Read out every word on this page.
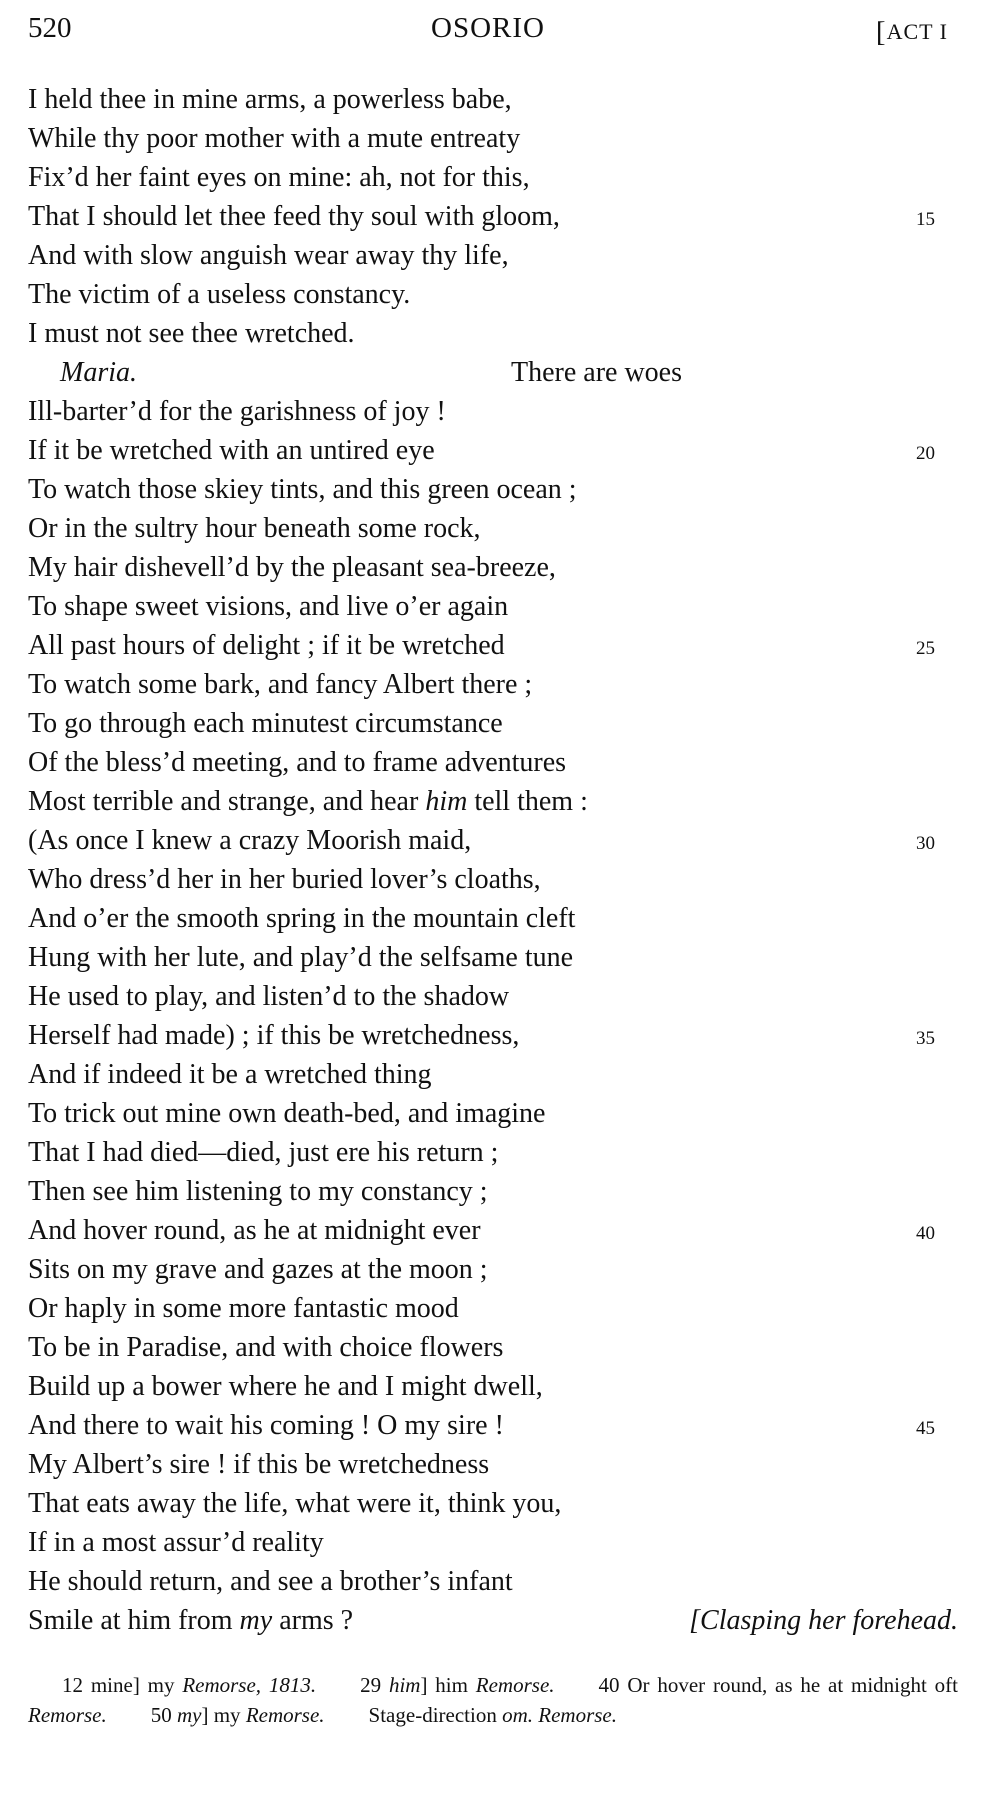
520	OSORIO	[ACT I
I held thee in mine arms, a powerless babe,
While thy poor mother with a mute entreaty
Fix’d her faint eyes on mine: ah, not for this,
That I should let thee feed thy soul with gloom,	15
And with slow anguish wear away thy life,
The victim of a useless constancy.
I must not see thee wretched.
Maria.	There are woes
Ill-barter’d for the garishness of joy !
If it be wretched with an untired eye	20
To watch those skiey tints, and this green ocean ;
Or in the sultry hour beneath some rock,
My hair dishevell’d by the pleasant sea-breeze,
To shape sweet visions, and live o’er again
All past hours of delight ; if it be wretched	25
To watch some bark, and fancy Albert there ;
To go through each minutest circumstance
Of the bless’d meeting, and to frame adventures
Most terrible and strange, and hear him tell them :
(As once I knew a crazy Moorish maid,	30
Who dress’d her in her buried lover’s cloaths,
And o’er the smooth spring in the mountain cleft
Hung with her lute, and play’d the selfsame tune
He used to play, and listen’d to the shadow
Herself had made) ; if this be wretchedness,	35
And if indeed it be a wretched thing
To trick out mine own death-bed, and imagine
That I had died—died, just ere his return ;
Then see him listening to my constancy ;
And hover round, as he at midnight ever	40
Sits on my grave and gazes at the moon ;
Or haply in some more fantastic mood
To be in Paradise, and with choice flowers
Build up a bower where he and I might dwell,
And there to wait his coming ! O my sire !	45
My Albert’s sire ! if this be wretchedness
That eats away the life, what were it, think you,
If in a most assur’d reality
He should return, and see a brother’s infant
Smile at him from my arms ?	[Clasping her forehead.

12 mine] my Remorse, 1813. 29 him] him Remorse. 40 Or hover round, as he at midnight oft Remorse. 50 my] my Remorse. Stage-direction om. Remorse.
